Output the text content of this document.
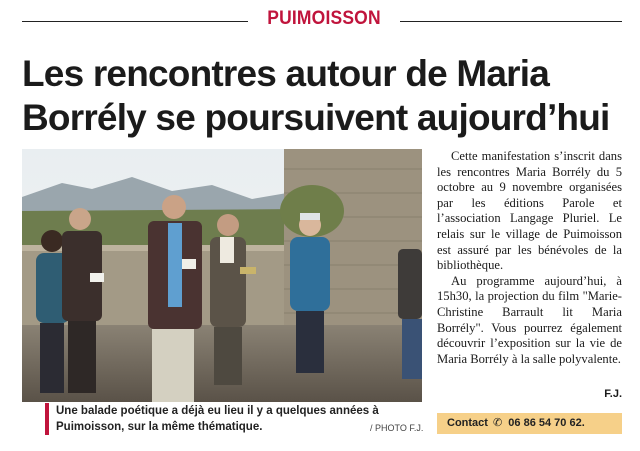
PUIMOISSON
Les rencontres autour de Maria Borrély se poursuivent aujourd’hui
Une balade poétique a déjà eu lieu il y a quelques années à Puimoisson, sur la même thématique.	/ PHOTO F.J.

Cette manifestation s’inscrit dans les rencontres Maria Borrély du 5 octobre au 9 novembre organisées par les éditions Parole et l’association Langage Pluriel. Le relais sur le village de Puimoisson est assuré par les bénévoles de la bibliothèque.

Au programme aujourd’hui, à 15h30, la projection du film "Marie-Christine Barrault lit Maria Borrély". Vous pourrez également découvrir l’exposition sur la vie de Maria Borrély à la salle polyvalente.

F.J.
Contact ✆ 06 86 54 70 62.
